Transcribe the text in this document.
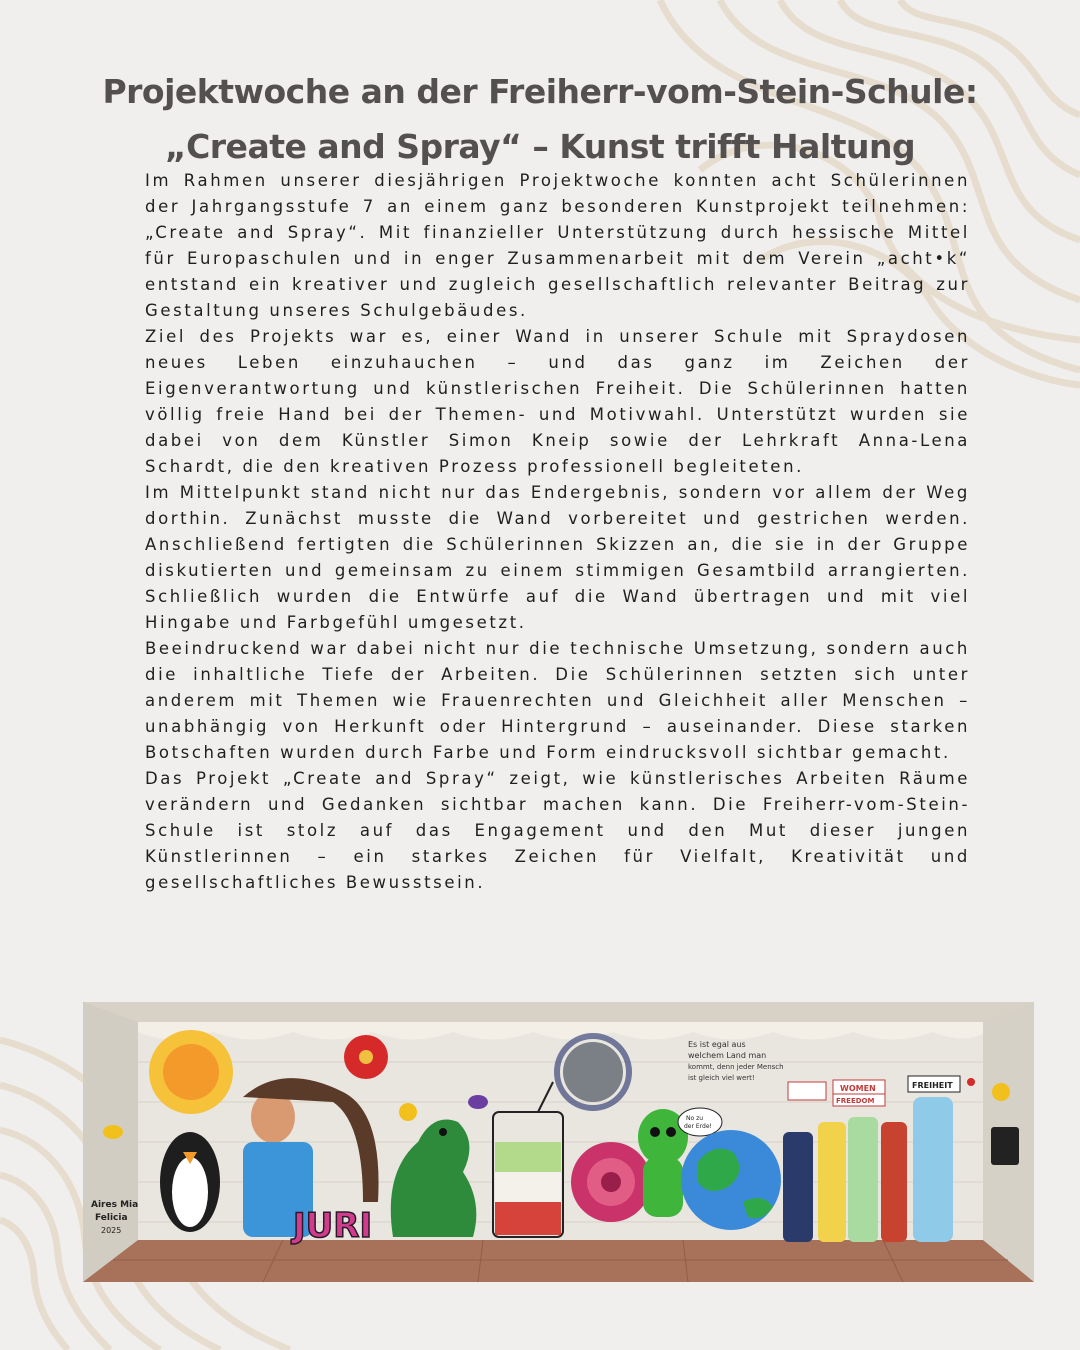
Projektwoche an der Freiherr-vom-Stein-Schule:
„Create and Spray“ – Kunst trifft Haltung

Im Rahmen unserer diesjährigen Projektwoche konnten acht Schülerinnen der Jahrgangsstufe 7 an einem ganz besonderen Kunstprojekt teilnehmen: „Create and Spray“. Mit finanzieller Unterstützung durch hessische Mittel für Europaschulen und in enger Zusammenarbeit mit dem Verein „acht•k“ entstand ein kreativer und zugleich gesellschaftlich relevanter Beitrag zur Gestaltung unseres Schulgebäudes.

Ziel des Projekts war es, einer Wand in unserer Schule mit Spraydosen neues Leben einzuhauchen – und das ganz im Zeichen der Eigenverantwortung und künstlerischen Freiheit. Die Schülerinnen hatten völlig freie Hand bei der Themen- und Motivwahl. Unterstützt wurden sie dabei von dem Künstler Simon Kneip sowie der Lehrkraft Anna-Lena Schardt, die den kreativen Prozess professionell begleiteten.

Im Mittelpunkt stand nicht nur das Endergebnis, sondern vor allem der Weg dorthin. Zunächst musste die Wand vorbereitet und gestrichen werden. Anschließend fertigten die Schülerinnen Skizzen an, die sie in der Gruppe diskutierten und gemeinsam zu einem stimmigen Gesamtbild arrangierten. Schließlich wurden die Entwürfe auf die Wand übertragen und mit viel Hingabe und Farbgefühl umgesetzt.

Beeindruckend war dabei nicht nur die technische Umsetzung, sondern auch die inhaltliche Tiefe der Arbeiten. Die Schülerinnen setzten sich unter anderem mit Themen wie Frauenrechten und Gleichheit aller Menschen – unabhängig von Herkunft oder Hintergrund – auseinander. Diese starken Botschaften wurden durch Farbe und Form eindrucksvoll sichtbar gemacht.

Das Projekt „Create and Spray“ zeigt, wie künstlerisches Arbeiten Räume verändern und Gedanken sichtbar machen kann. Die Freiherr-vom-Stein-Schule ist stolz auf das Engagement und den Mut dieser jungen Künstlerinnen – ein starkes Zeichen für Vielfalt, Kreativität und gesellschaftliches Bewusstsein.

JURI
No zu
der Erde!
Es ist egal aus
welchem Land man
kommt, denn jeder Mensch
ist gleich viel wert!
WOMEN
FREEDOM
FREIHEIT
Aires Mia
Felicia
2025
